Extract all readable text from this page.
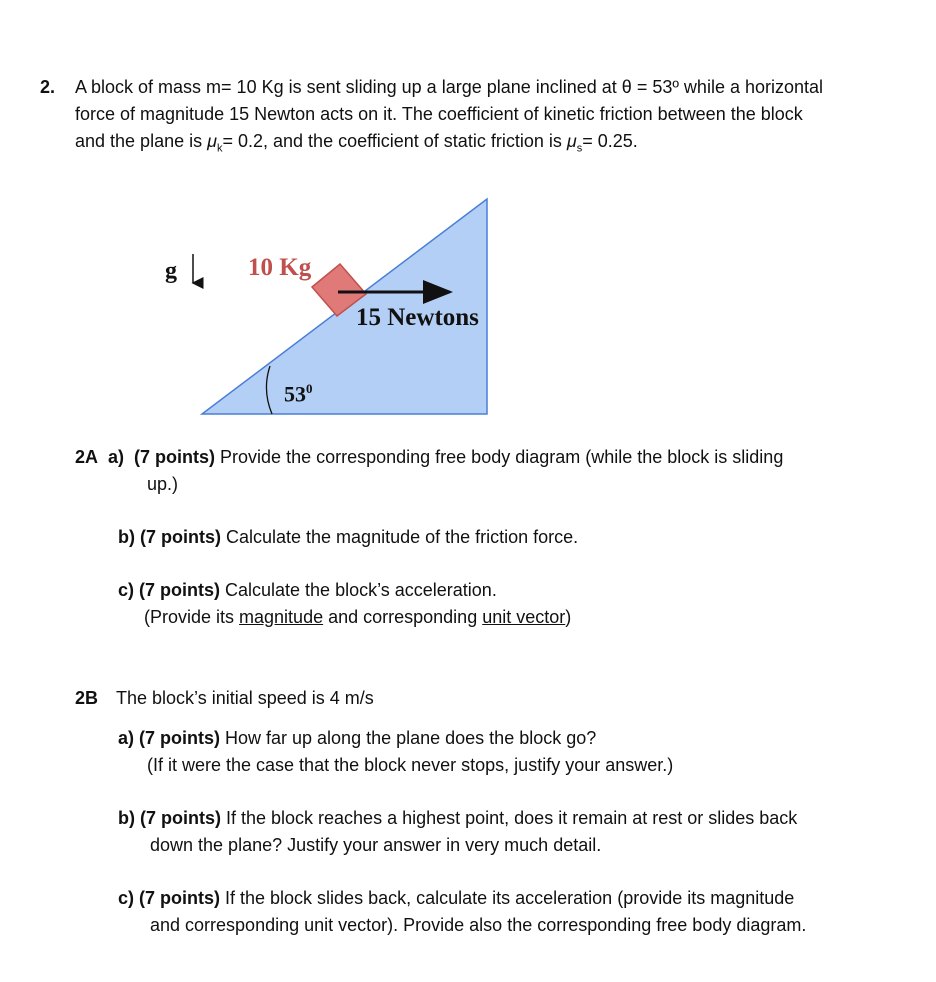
2. A block of mass m= 10 Kg is sent sliding up a large plane inclined at θ = 53º while a horizontal
force of magnitude 15 Newton acts on it. The coefficient of kinetic friction between the block
and the plane is $\mu_k= 0.2$, and the coefficient of static friction is $\mu_s= 0.25$.
g	10 Kg
15 Newtons
$53^0$
2A a) (7 points) Provide the corresponding free body diagram (while the block is sliding
up.)
b) (7 points) Calculate the magnitude of the friction force.
c) (7 points) Calculate the block’s acceleration.
(Provide its magnitude and corresponding unit vector)
2B The block’s initial speed is 4 m/s
a) (7 points) How far up along the plane does the block go?
(If it were the case that the block never stops, justify your answer.)
b) (7 points) If the block reaches a highest point, does it remain at rest or slides back
down the plane? Justify your answer in very much detail.
c) (7 points) If the block slides back, calculate its acceleration (provide its magnitude
and corresponding unit vector). Provide also the corresponding free body diagram.
